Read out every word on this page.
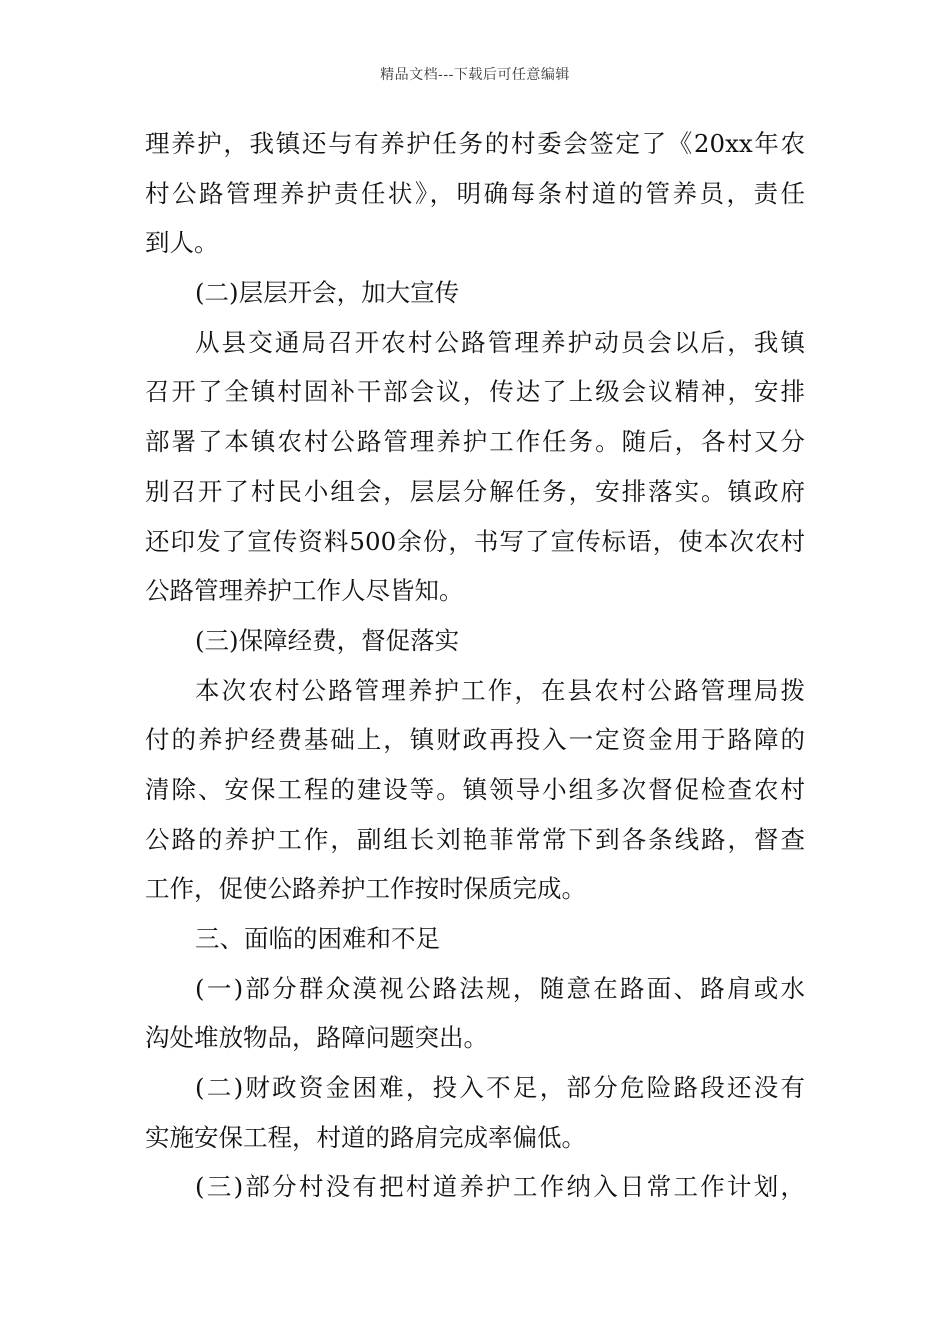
精品文档---下载后可任意编辑
理养护，我镇还与有养护任务的村委会签定了《20xx年农
村公路管理养护责任状》，明确每条村道的管养员，责任
到人。
(二)层层开会，加大宣传
从县交通局召开农村公路管理养护动员会以后，我镇
召开了全镇村固补干部会议，传达了上级会议精神，安排
部署了本镇农村公路管理养护工作任务。随后，各村又分
别召开了村民小组会，层层分解任务，安排落实。镇政府
还印发了宣传资料500余份，书写了宣传标语，使本次农村
公路管理养护工作人尽皆知。
(三)保障经费，督促落实
本次农村公路管理养护工作，在县农村公路管理局拨
付的养护经费基础上，镇财政再投入一定资金用于路障的
清除、安保工程的建设等。镇领导小组多次督促检查农村
公路的养护工作，副组长刘艳菲常常下到各条线路，督查
工作，促使公路养护工作按时保质完成。
三、面临的困难和不足
(一)部分群众漠视公路法规，随意在路面、路肩或水
沟处堆放物品，路障问题突出。
(二)财政资金困难，投入不足，部分危险路段还没有
实施安保工程，村道的路肩完成率偏低。
(三)部分村没有把村道养护工作纳入日常工作计划，
